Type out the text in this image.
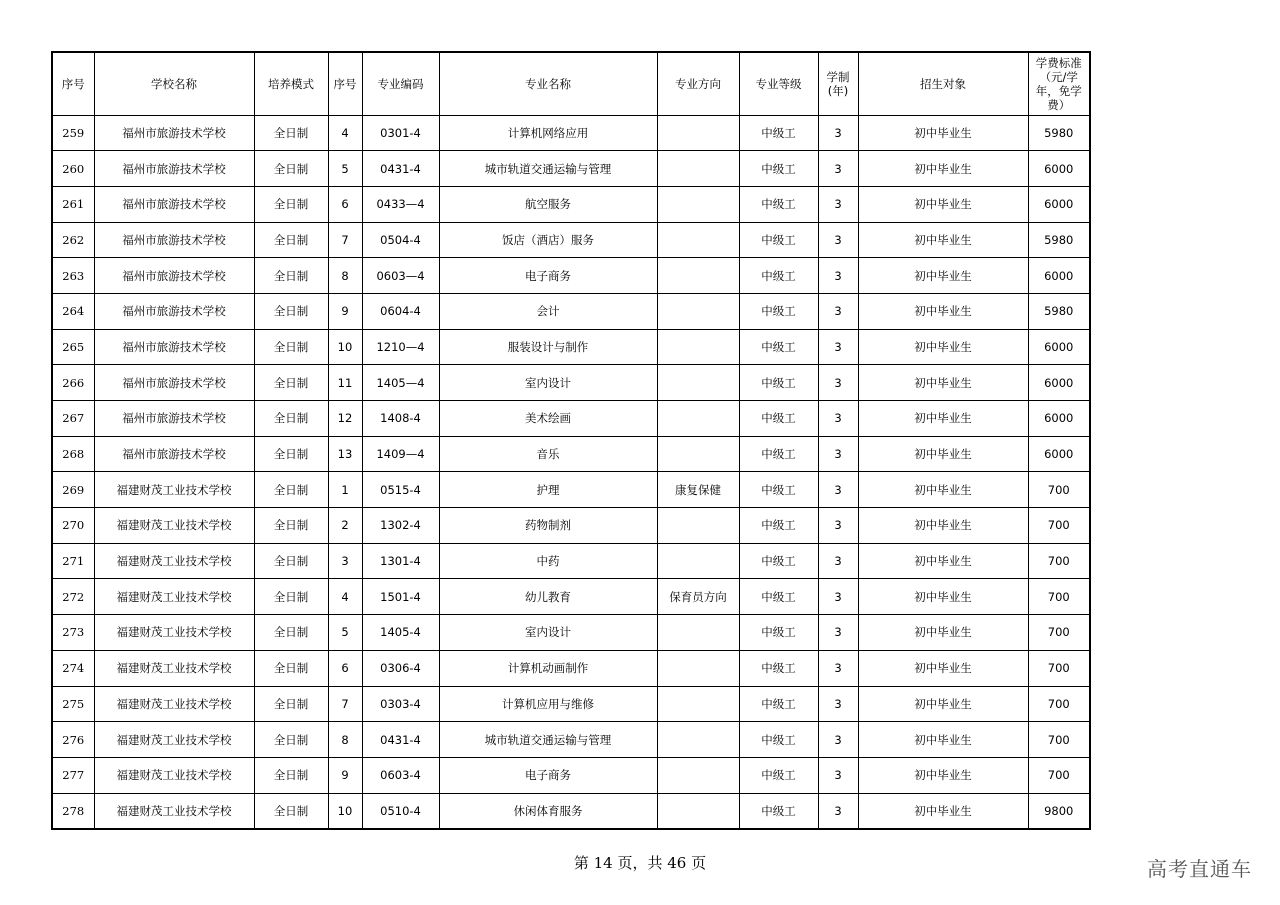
序号	学校名称	培养模式	序号	专业编码	专业名称	专业方向	专业等级	学制(年)	招生对象	学费标准（元/学年，免学费）
259	福州市旅游技术学校	全日制	4	0301-4	计算机网络应用		中级工	3	初中毕业生	5980
260	福州市旅游技术学校	全日制	5	0431-4	城市轨道交通运输与管理		中级工	3	初中毕业生	6000
261	福州市旅游技术学校	全日制	6	0433—4	航空服务		中级工	3	初中毕业生	6000
262	福州市旅游技术学校	全日制	7	0504-4	饭店（酒店）服务		中级工	3	初中毕业生	5980
263	福州市旅游技术学校	全日制	8	0603—4	电子商务		中级工	3	初中毕业生	6000
264	福州市旅游技术学校	全日制	9	0604-4	会计		中级工	3	初中毕业生	5980
265	福州市旅游技术学校	全日制	10	1210—4	服装设计与制作		中级工	3	初中毕业生	6000
266	福州市旅游技术学校	全日制	11	1405—4	室内设计		中级工	3	初中毕业生	6000
267	福州市旅游技术学校	全日制	12	1408-4	美术绘画		中级工	3	初中毕业生	6000
268	福州市旅游技术学校	全日制	13	1409—4	音乐		中级工	3	初中毕业生	6000
269	福建财茂工业技术学校	全日制	1	0515-4	护理	康复保健	中级工	3	初中毕业生	700
270	福建财茂工业技术学校	全日制	2	1302-4	药物制剂		中级工	3	初中毕业生	700
271	福建财茂工业技术学校	全日制	3	1301-4	中药		中级工	3	初中毕业生	700
272	福建财茂工业技术学校	全日制	4	1501-4	幼儿教育	保育员方向	中级工	3	初中毕业生	700
273	福建财茂工业技术学校	全日制	5	1405-4	室内设计		中级工	3	初中毕业生	700
274	福建财茂工业技术学校	全日制	6	0306-4	计算机动画制作		中级工	3	初中毕业生	700
275	福建财茂工业技术学校	全日制	7	0303-4	计算机应用与维修		中级工	3	初中毕业生	700
276	福建财茂工业技术学校	全日制	8	0431-4	城市轨道交通运输与管理		中级工	3	初中毕业生	700
277	福建财茂工业技术学校	全日制	9	0603-4	电子商务		中级工	3	初中毕业生	700
278	福建财茂工业技术学校	全日制	10	0510-4	休闲体育服务		中级工	3	初中毕业生	9800
第 14 页，共 46 页	高考直通车
